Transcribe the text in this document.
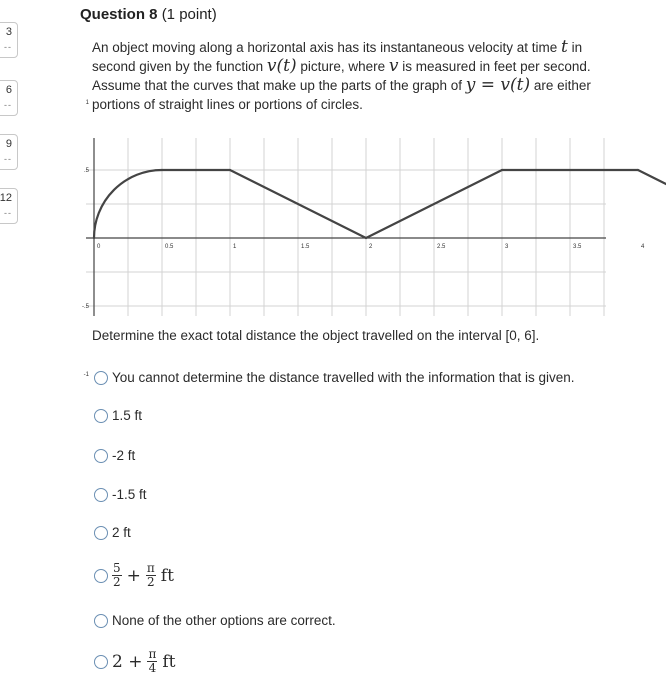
3
--
6
--
9
--
12
--
Question 8 (1 point)
An object moving along a horizontal axis has its instantaneous velocity at time t in second given by the function v(t) picture, where v is measured in feet per second. Assume that the curves that make up the parts of the graph of y = v(t) are either portions of straight lines or portions of circles.
0	0.5	1	1.5	2	2.5	3	3.5	4
1
.5
-.5
-1
Determine the exact total distance the object travelled on the interval [0, 6].
You cannot determine the distance travelled with the information that is given.
1.5 ft
-2 ft
-1.5 ft
2 ft
$\frac{5}{2} + \frac{\pi}{2}$ ft
None of the other options are correct.
$2 + \frac{\pi}{4}$ ft
